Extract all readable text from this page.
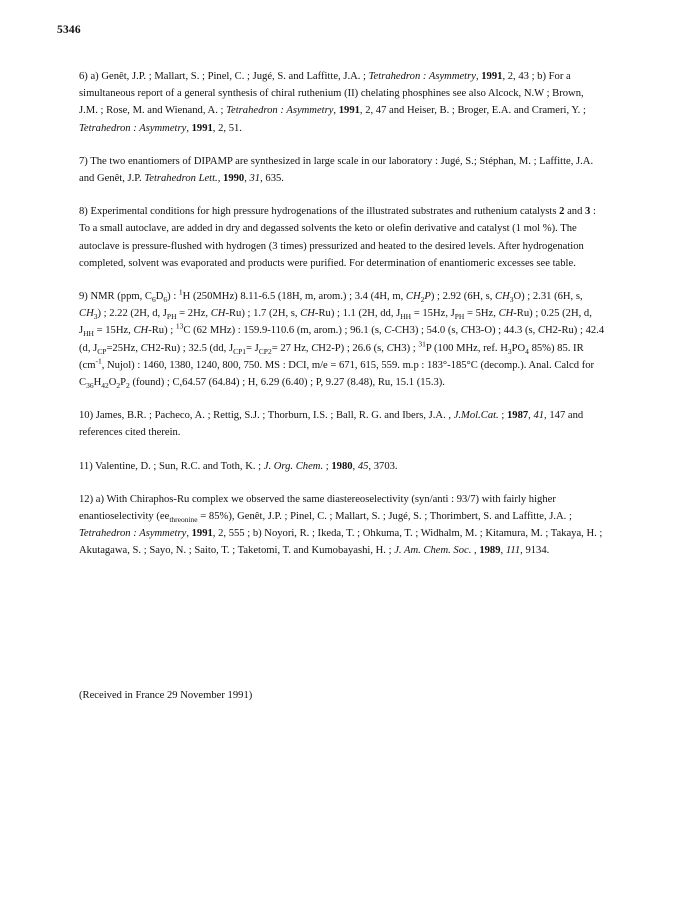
5346

6) a) Genêt, J.P. ; Mallart, S. ; Pinel, C. ; Jugé, S. and Laffitte, J.A. ; Tetrahedron : Asymmetry, 1991, 2, 43 ; b) For a simultaneous report of a general synthesis of chiral ruthenium (II) chelating phosphines see also Alcock, N.W ; Brown, J.M. ; Rose, M. and Wienand, A. ; Tetrahedron : Asymmetry, 1991, 2, 47 and Heiser, B. ; Broger, E.A. and Crameri, Y. ; Tetrahedron : Asymmetry, 1991, 2, 51.

7) The two enantiomers of DIPAMP are synthesized in large scale in our laboratory : Jugé, S.; Stéphan, M. ; Laffitte, J.A. and Genêt, J.P. Tetrahedron Lett., 1990, 31, 635.

8) Experimental conditions for high pressure hydrogenations of the illustrated substrates and ruthenium catalysts 2 and 3 : To a small autoclave, are added in dry and degassed solvents the keto or olefin derivative and catalyst (1 mol %). The autoclave is pressure-flushed with hydrogen (3 times) pressurized and heated to the desired levels. After hydrogenation completed, solvent was evaporated and products were purified. For determination of enantiomeric excesses see table.

9) NMR (ppm, $C_6D_6$) : $^1$H (250MHz) 8.11-6.5 (18H, m, arom.) ; 3.4 (4H, m, $CH_2P$) ; 2.92 (6H, s, $CH_3O$) ; 2.31 (6H, s, $CH_3$) ; 2.22 (2H, d, $J_{PH} = 2Hz$, CH-Ru) ; 1.7 (2H, s, CH-Ru) ; 1.1 (2H, dd, $J_{HH} = 15Hz$, $J_{PH} = 5Hz$, CH-Ru) ; 0.25 (2H, d, $J_{HH} = 15Hz$, CH-Ru) ; $^{13}$C (62 MHz) : 159.9-110.6 (m, arom.) ; 96.1 (s, C-CH3) ; 54.0 (s, CH3-O) ; 44.3 (s, CH2-Ru) ; 42.4 (d, $J_{CP}=25Hz$, CH2-Ru) ; 32.5 (dd, $J_{CP1}= J_{CP2}= 27$ Hz, CH2-P) ; 26.6 (s, CH3) ; $^{31}$P (100 MHz, ref. $H_3PO_4$ 85%) 85. IR ($cm^{-1}$, Nujol) : 1460, 1380, 1240, 800, 750. MS : DCI, m/e = 671, 615, 559. m.p : 183°-185°C (decomp.). Anal. Calcd for $C_{36}H_{42}O_2P_2$ (found) ; C,64.57 (64.84) ; H, 6.29 (6.40) ; P, 9.27 (8.48), Ru, 15.1 (15.3).

10) James, B.R. ; Pacheco, A. ; Rettig, S.J. ; Thorburn, I.S. ; Ball, R. G. and Ibers, J.A. , J.Mol.Cat. ; 1987, 41, 147 and references cited therein.

11) Valentine, D. ; Sun, R.C. and Toth, K. ; J. Org. Chem. ; 1980, 45, 3703.

12) a) With Chiraphos-Ru complex we observed the same diastereoselectivity (syn/anti : 93/7) with fairly higher enantioselectivity $(ee_{threonine} = 85\%)$, Genêt, J.P. ; Pinel, C. ; Mallart, S. ; Jugé, S. ; Thorimbert, S. and Laffitte, J.A. ; Tetrahedron : Asymmetry, 1991, 2, 555 ; b) Noyori, R. ; Ikeda, T. ; Ohkuma, T. ; Widhalm, M. ; Kitamura, M. ; Takaya, H. ; Akutagawa, S. ; Sayo, N. ; Saito, T. ; Taketomi, T. and Kumobayashi, H. ; J. Am. Chem. Soc. , 1989, 111, 9134.

(Received in France 29 November 1991)
